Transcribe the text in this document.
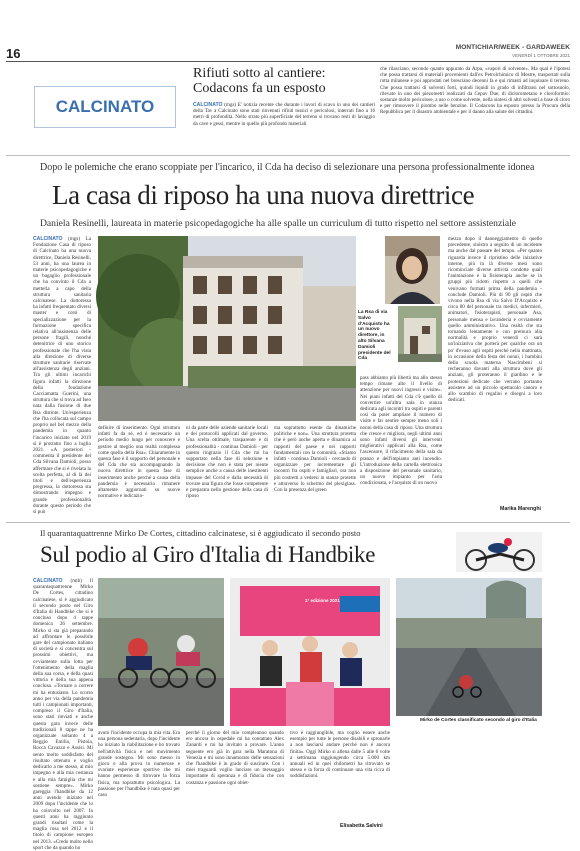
16	MONTICHIARIWEEK - GARDAWEEK
VENERDÌ 1 OTTOBRE 2021
CALCINATO
Rifiuti sotto al cantiere:
Codacons fa un esposto
CALCINATO (mgs) E' notizia recente che durante i lavori di scavo in uno dei cantieri della Tav a Calcinato sono stati rinvenuti rifiuti tossici e pericolosi, interrati fino a 16 metri di profondità. Nello strato più superficiale del terreno si trovano resti di lavaggio da cave e gessi, mentre in quello più profondo materiali
che rilasciano, secondo quanto appurato da Arpa, «vapori di solvente». Ma qual è l'ipotesi che possa trattarsi di materiali provenienti dall'ex Petrolchimico di Mestre, trasportati sulla rotta milanese e poi approdati nel bresciano decenni fa e qui rimasti ad inquinare il terreno. Che possa trattarsi di solventi forti, quindi liquidi in grado di infiltrarsi nel sottosuolo, rilevato in uno dei piezometri realizzati da Cepav Due, di diclorometano e cloroformio: sostanze molto pericolose, a uso o come solvente, nella sintesi di altri solventi a base di cloro e per rimuovere il piombo nelle benzine. Il Codacons ha esposto presso la Procura della Repubblica per il disastro ambientale e per il danno alla salute dei cittadini.
Dopo le polemiche che erano scoppiate per l'incarico, il Cda ha deciso di selezionare una persona professionalmente idonea
La casa di riposo ha una nuova direttrice
Daniela Resinelli, laureata in materie psicopedagogiche ha alle spalle un curriculum di tutto rispetto nel settore assistenziale
CALCINATO (mgs) La Fondazione Casa di riposo di Calcinato ha una nuova direttrice, Daniela Resinelli, 53 anni, ha una laurea in materie psicopedagogiche e un bagaglio professionale che ha convinto il Cda a metterla a capo della struttura sanitaria calcinatese. La dottoressa ha infatti frequentato diversi master e corsi di specializzazione per la formazione specifica relativa all'assistenza delle persone fragili, nonché detenitrice di uno storico professionale che l'ha vista alla direzione di diverse strutture sanitarie riservate all'assistenza degli anziani. Tra gli ultimi incarichi figura infatti la direzione della fondazione Cacciamatta Guerini, una struttura che si trova ad Iseo nata dalla fusione di due Rsa distinte. Un'esperienza che l'ha collocata sul campo proprio nel bel mezzo della pandemia in quanto l'incarico iniziato nel 2019 si è protratto fino a luglio 2021. «A posteriori - commenta il presidente del Cda Silvana Damioli, posso affermare che si è rivelata la scelta perfetta, al di là dei titoli e dell'esperienza pregressa, la dottoressa sta dimostrando impegno e grande professionalità durante questo periodo che si può
La Rsa di via Salvo d'Acquisto ha un nuovo direttore, in alto Silvana Damioli presidente del Cda
definire di inserimento. Ogni struttura infatti fa da sé, ed è necessario un periodo medio lungo per conoscere e gestire al meglio una realtà complessa come quella della Rsa». Chiaramente in questa fase è il supporto del personale e del Cda che sta accompagnando la nuova direttrice in questa fase di inserimento anche perché a causa della pandemia è necessario rimanere altamente aggiornati su nuove normative e indicazio-
ni da parte delle aziende sanitarie locali e dei protocolli applicati dal governo. Una scelta ottimale, trasparente e di professionalità - continua Damioli - per questo ringrazio il Cda che mi ha supportato nella fase di selezione e decisione che non è stata per niente semplice anche a causa delle inestitenti impasse del Covid e dalla necessità di trovare una figura che fosse competente e preparata nella gestione della casa di riposo
ma soprattutto esente da dinamiche politiche e non». Una struttura protetta che è però anche aperta e dinamica ai rapporti del paese e nei rapporti fondamentali con la comunità. «Stiamo infatti - continua Damioli - cercando di organizzare per incrementare gli incontri fra ospiti e famigliari, ora non più costretti a vedersi in stanze protette e attraverso lo schermo del plexiglass. Con la presenza del green
pass abbiamo più libertà ma allo stesso tempo rimane alto il livello di attenzione per nuovi ingressi e visite». Nei piani infatti del Cda c'è quello di convertire un'altra sala in stanza dedicata agli incontri tra ospiti e parenti così da poter ampliare il numero di visite e far sentire sempre meno soli i nonni della casa di riposo. Una struttura che cresce e migliora, negli ultimi anni sono infatti diversi gli interventi migliorativi applicati alla Rsa, come l'ascensore, il rifacimento della sala da pranzo e dell'impianto anti incendio. L'introduzione della cartella elettronica a disposizione del personale sanitario, un nuovo impianto per l'aria condizionata, e l'acquisto di un nuovo
mezzo dopo il danneggiamento di quello precedente, sinistro a seguito di un incidente ma anche dal passare del tempo. «Per quanto riguarda invece il ripristino delle iniziative interne, più in là diverse mesi sono ricominciate diverse attività condotte quali l'animazione e la fisioterapia anche se in gruppi più ridotti rispetto a quelli che venivano formati prima della pandemia - conclude Damioli. Più di 90 gli ospiti che vivono nella Rsa di via Salvo D'Acquisto e circa 80 del personale tra medici, infermieri, animatori, fisioterapisti, personale Asa, personale mensa e lavanderia e ovviamente quello amministrativo. Una realtà che sta tornando lentamente e con premura alla normalità e proprio venerdì ci sarà un'iniziativa che porterà per qualche ora un po' d'evaso agli ospiti perché nella mattinata, in occasione della festa dei nonni, i bambini della scuola materna Nascimbeni si recheranno davanti alla struttura dove gli anziani, gli proteranno il giardino e le protezioni dedicate che verrano portanno assistere ad un piccolo spettacolo canoro e allo scambio di regalini e disegni a loro dedicati.
Marika Marenghi
Il quarantaquattrenne Mirko De Cortes, cittadino calcinatese, si è aggiudicato il secondo posto
Sul podio al Giro d'Italia di Handbike
CALCINATO (mtb) Il quarantaquattrenne Mirko De Cortes, cittadino calcinatese, si è aggiudicato il secondo posto nel Giro d'Italia di Handbike che si è concluso dopo 4 tappe domenica 26 settembre. Mirko si sta già preparando ad affrontare le possibile gare del campionato italiano di società e si concentra sul prossimi obiettivi, ma ovviamente sulla lotta per l'ottenimento della maglia della sua corsa, e della quasi vittoria e della sua appena conclusa. «Tornare a correre mi ha entusiasto. Lo scorso anno per via della pandemia tutti i campionati importanti, compreso il Giro d'Italia, sono stati rinviati e anche questa gara invece delle tradizionali 8 tappe ne ha organizzate soltanto 4 a Reggio Emilia, Pistoia, Rocca Cavazzo e Assisi. Mi sento molto soddisfatto del risultato ottenuto e voglio dedicarlo a me stesso, al mio impegno e alla mia costanza e alla mia famiglia che mi sostiene sempre». Mirko gareggia l'handbike da 12 anni avendo iniziato nel 2009 dopo l'incidente che lo ha coinvolto nel 2007. In questi anni ha raggiunto grandi risultati come la maglia rosa nel 2012 e il titolo di campione europeo nel 2013. «Credo molto nello sport che da quando ho
1° edizione 2021
Mirko de Cortes classificato secondo al giro d'Italia
avuto l'incidente occupa la mia vita. Era una persona sedentaria, dopo l'incidente ho iniziato la riabilitazione e ho trovato nell'attività fisica e nel movimento grande sostegno. Mi sono messo in gioco e alla prova in numerose e svariate esperienze sportive che mi hanno permesso di ritrovare la forza fisica, ma soprattutto psicologica. La passione per l'handbike è nata quasi per caso
perché il giorno del mio compleanno quando ero ancora in ospedale mi ha contattato Alex Zanardi e mi ha invitato a provare. L'anno seguente ero già in gara nella Maratona di Venezia e mi sono innamorato delle sensazioni che l'handbike è in grado di suscitare. Con i miei traguardi voglio lanciare un messaggio importante di speranza e di fiducia che con costanza e passione ogni obiet-
tivo è raggiungibile, ma voglio essere anche esempio per tutte le persone disabili e spronarle a non lasciarsi andare perché non è ancora finita». Oggi Mirko si allena dalle 5 alle 6 volte a settimana raggiungendo circa 5.000 km annuali ed in quei chilometri ha ritrovato se stesso e la forza di continuare una vita ricca di soddisfazioni.
Elisabetta Salvini
